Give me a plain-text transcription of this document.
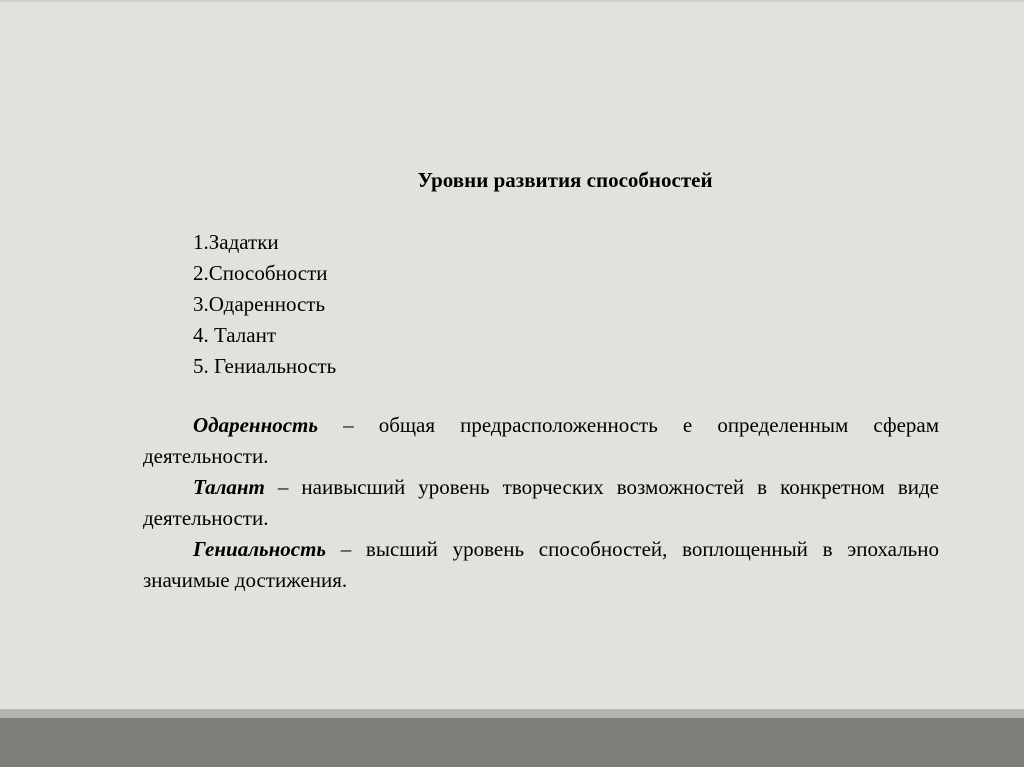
Уровни развития способностей
1.Задатки
2.Способности
3.Одаренность
4. Талант
5. Гениальность

Одаренность – общая предрасположенность е определенным сферам деятельности.

Талант – наивысший уровень творческих возможностей в конкретном виде деятельности.

Гениальность – высший уровень способностей, воплощенный в эпохально значимые достижения.
